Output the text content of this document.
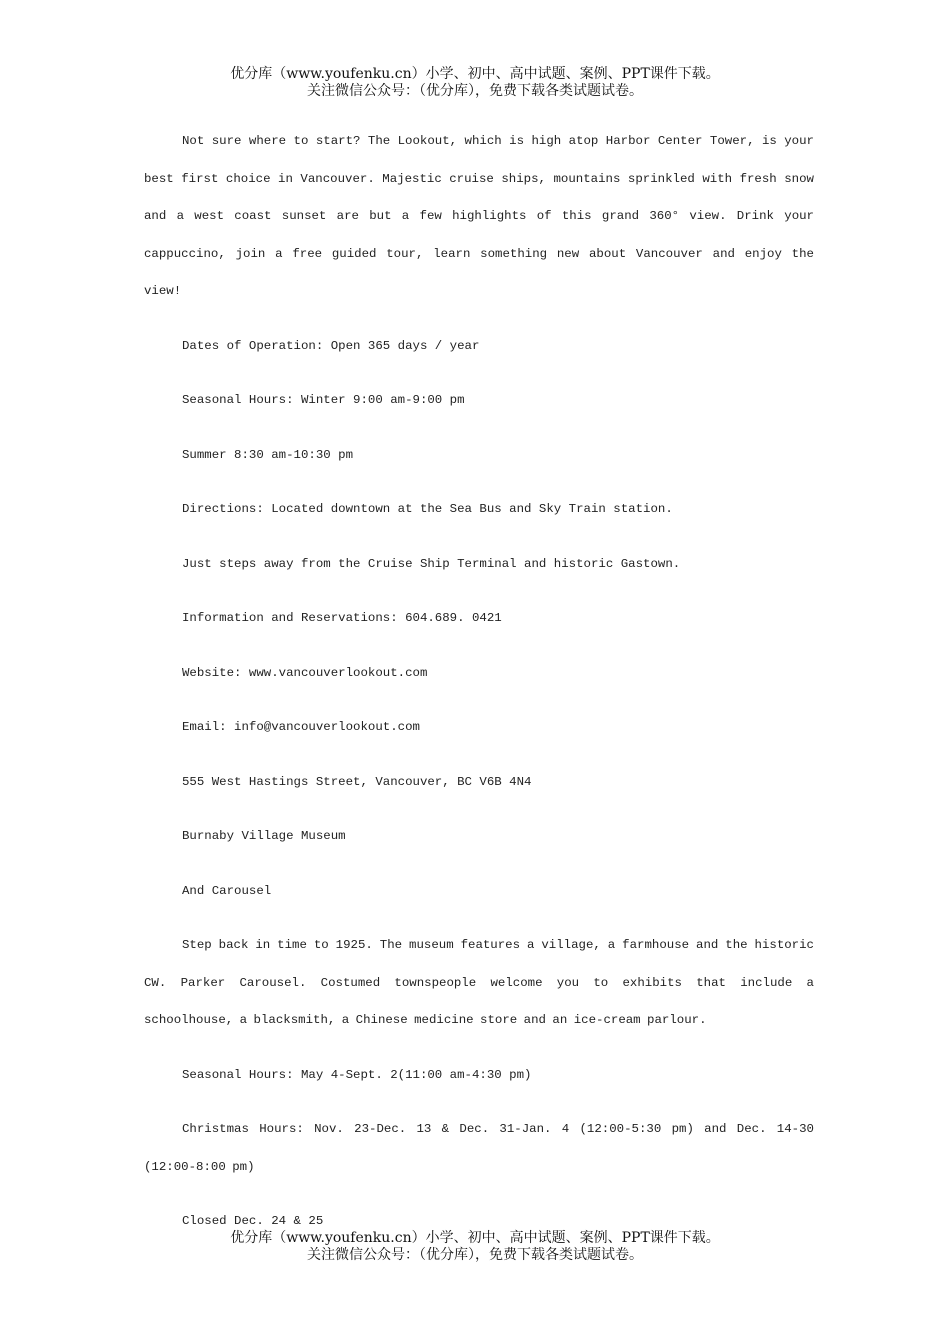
优分库（www.youfenku.cn）小学、初中、高中试题、案例、PPT课件下载。
关注微信公众号：（优分库），免费下载各类试题试卷。

Not sure where to start? The Lookout, which is high atop Harbor Center Tower, is your best first choice in Vancouver. Majestic cruise ships, mountains sprinkled with fresh snow and a west coast sunset are but a few highlights of this grand 360° view. Drink your cappuccino, join a free guided tour, learn something new about Vancouver and enjoy the view!

Dates of Operation: Open 365 days / year
Seasonal Hours: Winter 9:00 am-9:00 pm
Summer 8:30 am-10:30 pm
Directions: Located downtown at the Sea Bus and Sky Train station.
Just steps away from the Cruise Ship Terminal and historic Gastown.
Information and Reservations: 604.689. 0421
Website: www.vancouverlookout.com
Email: info@vancouverlookout.com
555 West Hastings Street, Vancouver, BC V6B 4N4
Burnaby Village Museum
And Carousel

Step back in time to 1925. The museum features a village, a farmhouse and the historic CW. Parker Carousel. Costumed townspeople welcome you to exhibits that include a schoolhouse, a blacksmith, a Chinese medicine store and an ice-cream parlour.

Seasonal Hours: May 4-Sept. 2(11:00 am-4:30 pm)

Christmas Hours: Nov. 23-Dec. 13 & Dec. 31-Jan. 4 (12:00-5:30 pm) and Dec. 14-30 (12:00-8:00 pm)

Closed Dec. 24 & 25
优分库（www.youfenku.cn）小学、初中、高中试题、案例、PPT课件下载。
关注微信公众号：（优分库），免费下载各类试题试卷。
